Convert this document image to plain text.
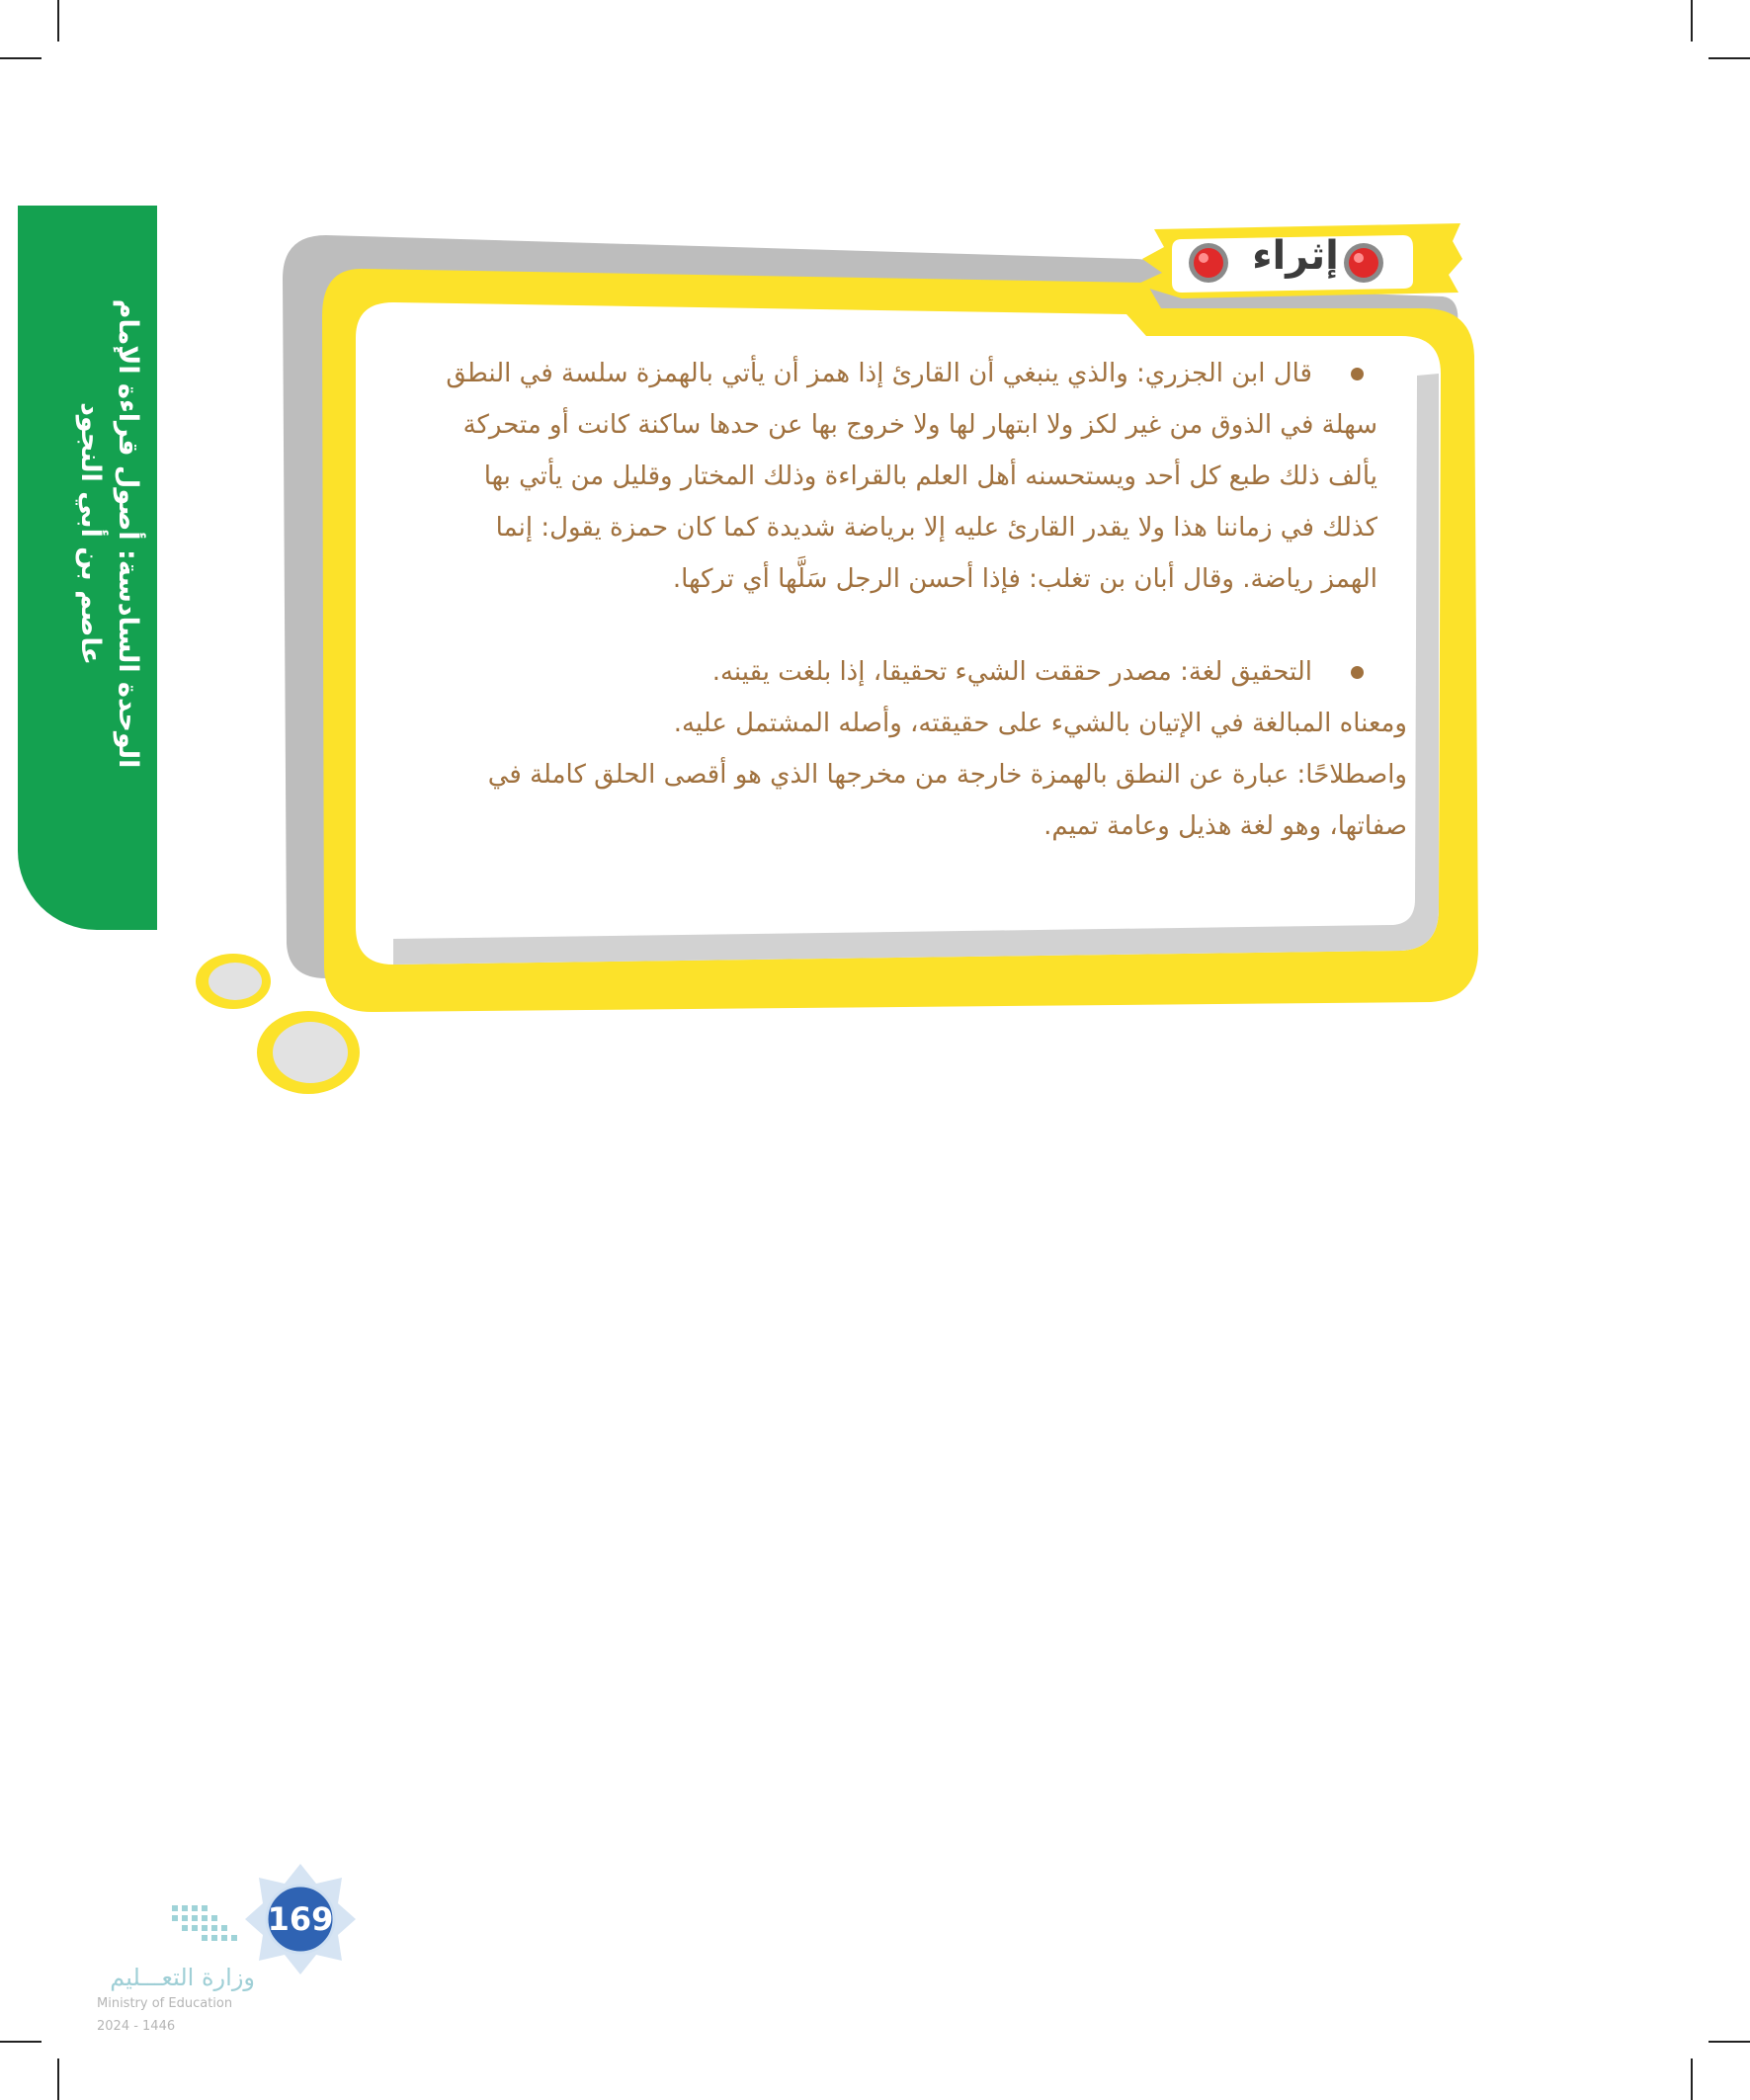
الوحدة السادسة: أصول قراءة الإمام
عاصم بن أبي النجود
إثراء
قال ابن الجزري: والذي ينبغي أن القارئ إذا همز أن يأتي بالهمزة سلسة في النطق
سهلة في الذوق من غير لكز ولا ابتهار لها ولا خروج بها عن حدها ساكنة كانت أو متحركة
يألف ذلك طبع كل أحد ويستحسنه أهل العلم بالقراءة وذلك المختار وقليل من يأتي بها
كذلك في زماننا هذا ولا يقدر القارئ عليه إلا برياضة شديدة كما كان حمزة يقول: إنما
الهمز رياضة. وقال أبان بن تغلب: فإذا أحسن الرجل سَلَّها أي تركها.
التحقيق لغة: مصدر حققت الشيء تحقيقا، إذا بلغت يقينه.
ومعناه المبالغة في الإتيان بالشيء على حقيقته، وأصله المشتمل عليه.
واصطلاحًا: عبارة عن النطق بالهمزة خارجة من مخرجها الذي هو أقصى الحلق كاملة في
صفاتها، وهو لغة هذيل وعامة تميم.
169
وزارة التعـــليم
Ministry of Education
2024 - 1446
